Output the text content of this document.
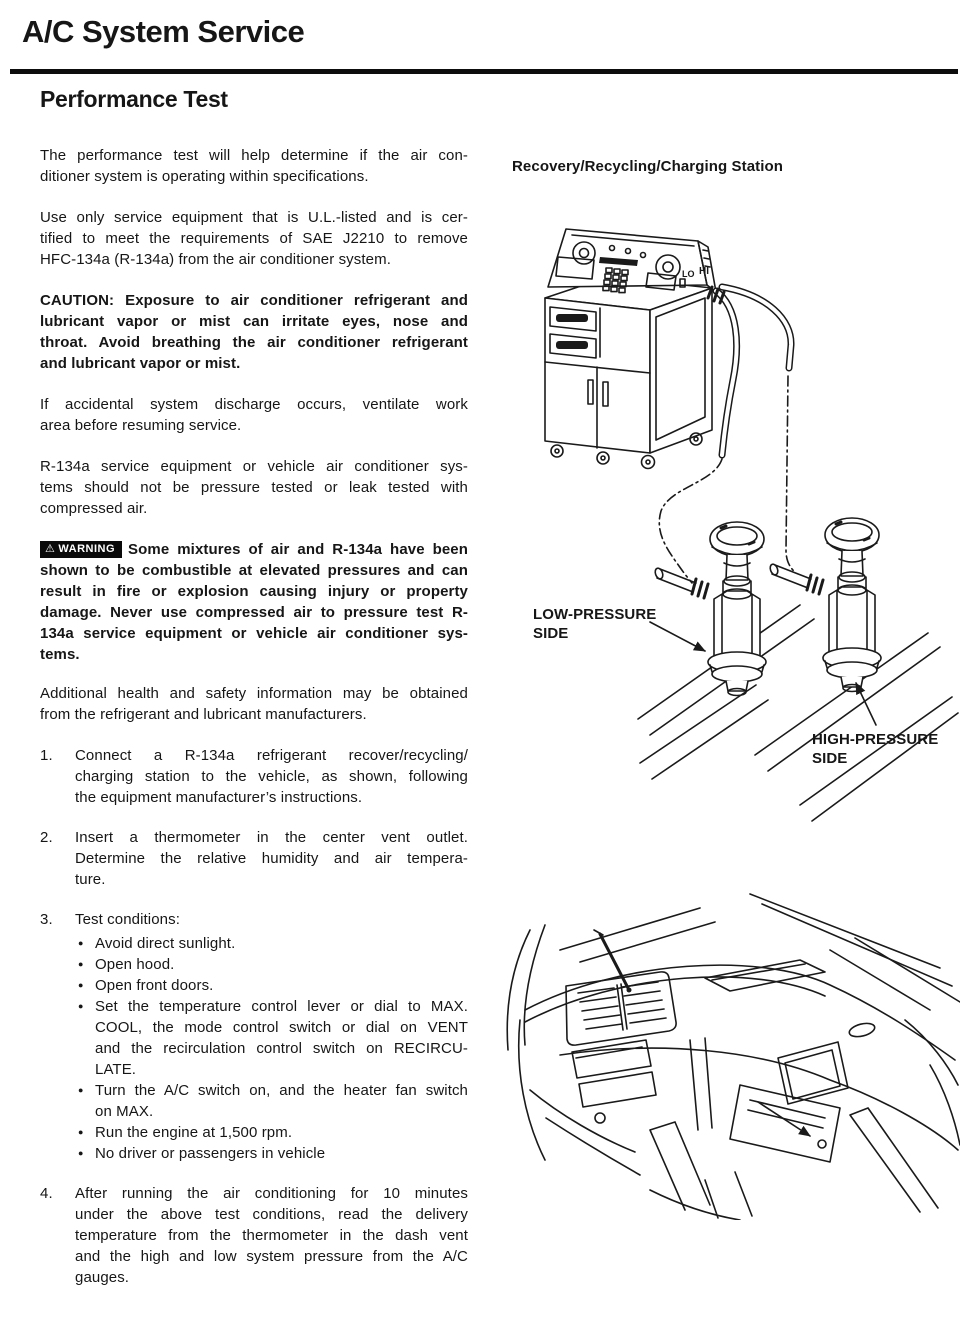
A/C System Service
Performance Test
The performance test will help determine if the air con-
ditioner system is operating within specifications.
Use only service equipment that is U.L.-listed and is cer-
tified to meet the requirements of SAE J2210 to remove
HFC-134a (R-134a) from the air conditioner system.
CAUTION: Exposure to air conditioner refrigerant and
lubricant vapor or mist can irritate eyes, nose and
throat. Avoid breathing the air conditioner refrigerant
and lubricant vapor or mist.
If accidental system discharge occurs, ventilate work
area before resuming service.
R-134a service equipment or vehicle air conditioner sys-
tems should not be pressure tested or leak tested with
compressed air.
⚠ WARNING Some mixtures of air and R-134a have been
shown to be combustible at elevated pressures and can
result in fire or explosion causing injury or property
damage. Never use compressed air to pressure test R-
134a service equipment or vehicle air conditioner sys-
tems.
Additional health and safety information may be obtained
from the refrigerant and lubricant manufacturers.
1.	Connect a R-134a refrigerant recover/recycling/
charging station to the vehicle, as shown, following
the equipment manufacturer’s instructions.
2.	Insert a thermometer in the center vent outlet.
Determine the relative humidity and air tempera-
ture.
3.	Test conditions:
● Avoid direct sunlight.
● Open hood.
● Open front doors.
● Set the temperature control lever or dial to MAX.
COOL, the mode control switch or dial on VENT
and the recirculation control switch on RECIRCU-
LATE.
● Turn the A/C switch on, and the heater fan switch
on MAX.
● Run the engine at 1,500 rpm.
● No driver or passengers in vehicle
4.	After running the air conditioning for 10 minutes
under the above test conditions, read the delivery
temperature from the thermometer in the dash vent
and the high and low system pressure from the A/C
gauges.
Recovery/Recycling/Charging Station
LO HI
LOW-PRESSURE
SIDE
HIGH-PRESSURE
SIDE
